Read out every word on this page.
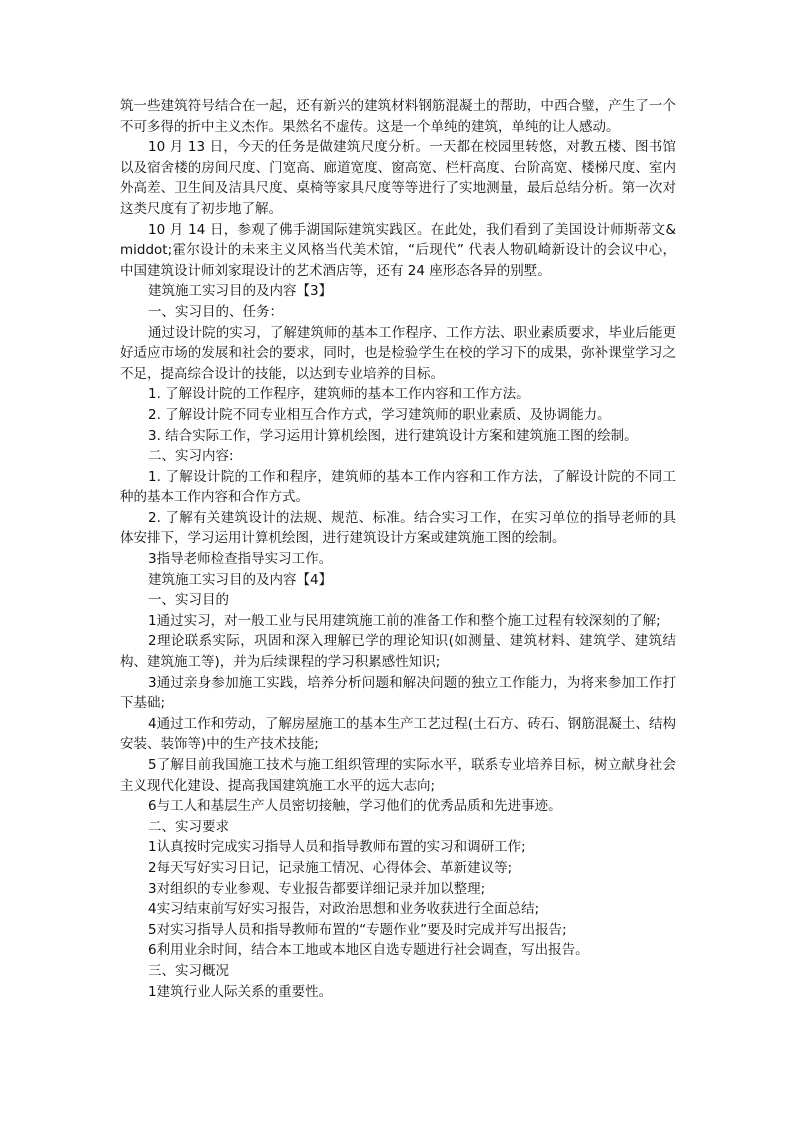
筑一些建筑符号结合在一起，还有新兴的建筑材料钢筋混凝土的帮助，中西合璧，产生了一个不可多得的折中主义杰作。果然名不虚传。这是一个单纯的建筑，单纯的让人感动。

10 月 13 日，今天的任务是做建筑尺度分析。一天都在校园里转悠，对教五楼、图书馆以及宿舍楼的房间尺度、门宽高、廊道宽度、窗高宽、栏杆高度、台阶高宽、楼梯尺度、室内外高差、卫生间及洁具尺度、桌椅等家具尺度等等进行了实地测量，最后总结分析。第一次对这类尺度有了初步地了解。

10 月 14 日，参观了佛手湖国际建筑实践区。在此处，我们看到了美国设计师斯蒂文&middot;霍尔设计的未来主义风格当代美术馆，“后现代” 代表人物矶崎新设计的会议中心，中国建筑设计师刘家琨设计的艺术酒店等，还有 24 座形态各异的别墅。

建筑施工实习目的及内容【3】

一、实习目的、任务：

通过设计院的实习，了解建筑师的基本工作程序、工作方法、职业素质要求，毕业后能更好适应市场的发展和社会的要求，同时，也是检验学生在校的学习下的成果，弥补课堂学习之不足，提高综合设计的技能，以达到专业培养的目标。

1. 了解设计院的工作程序，建筑师的基本工作内容和工作方法。

2. 了解设计院不同专业相互合作方式，学习建筑师的职业素质、及协调能力。

3. 结合实际工作，学习运用计算机绘图，进行建筑设计方案和建筑施工图的绘制。

二、实习内容:

1. 了解设计院的工作和程序，建筑师的基本工作内容和工作方法，了解设计院的不同工种的基本工作内容和合作方式。

2. 了解有关建筑设计的法规、规范、标准。结合实习工作，在实习单位的指导老师的具体安排下，学习运用计算机绘图，进行建筑设计方案或建筑施工图的绘制。

3指导老师检查指导实习工作。

建筑施工实习目的及内容【4】

一、实习目的

1通过实习，对一般工业与民用建筑施工前的准备工作和整个施工过程有较深刻的了解;

2理论联系实际，巩固和深入理解已学的理论知识(如测量、建筑材料、建筑学、建筑结构、建筑施工等)，并为后续课程的学习积累感性知识;

3通过亲身参加施工实践，培养分析问题和解决问题的独立工作能力，为将来参加工作打下基础;

4通过工作和劳动，了解房屋施工的基本生产工艺过程(土石方、砖石、钢筋混凝土、结构安装、装饰等)中的生产技术技能;

5了解目前我国施工技术与施工组织管理的实际水平，联系专业培养目标，树立献身社会主义现代化建设、提高我国建筑施工水平的远大志向;

6与工人和基层生产人员密切接触，学习他们的优秀品质和先进事迹。

二、实习要求

1认真按时完成实习指导人员和指导教师布置的实习和调研工作;

2每天写好实习日记，记录施工情况、心得体会、革新建议等;

3对组织的专业参观、专业报告都要详细记录并加以整理;

4实习结束前写好实习报告，对政治思想和业务收获进行全面总结;

5对实习指导人员和指导教师布置的“专题作业”要及时完成并写出报告;

6利用业余时间，结合本工地或本地区自选专题进行社会调查，写出报告。

三、实习概况

1建筑行业人际关系的重要性。
